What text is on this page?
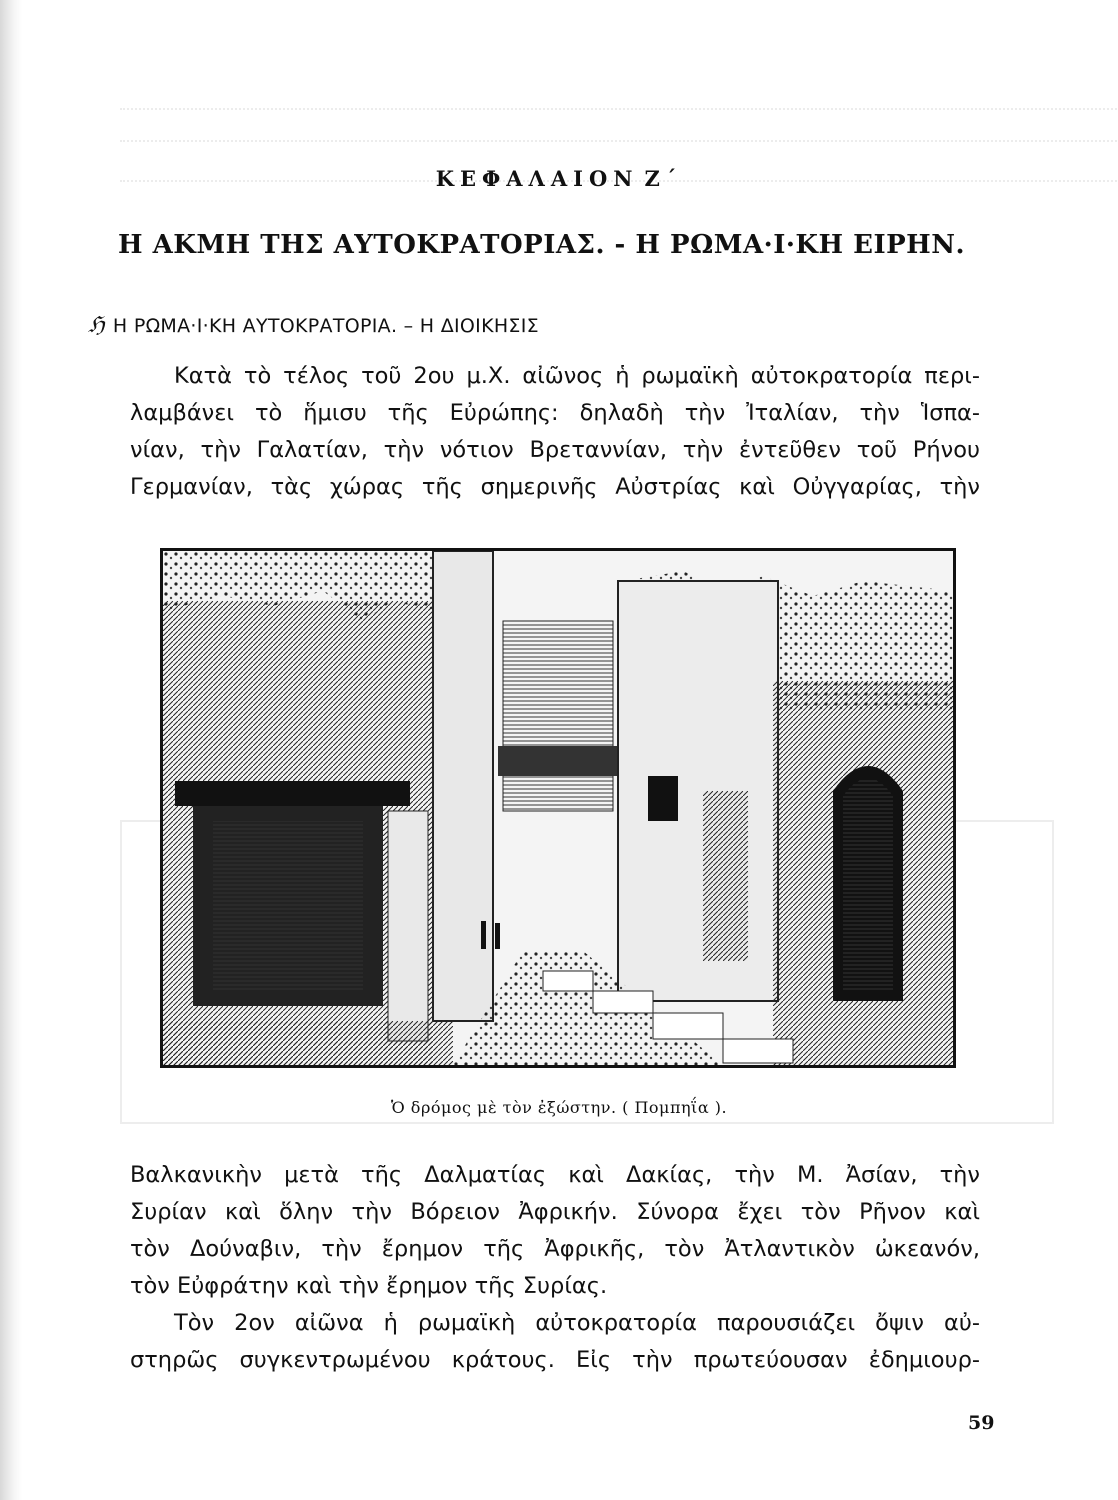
ΚΕΦΑΛΑΙΟΝ Ζ΄
Η ΑΚΜΗ ΤΗΣ ΑΥΤΟΚΡΑΤΟΡΙΑΣ. - Η ΡΩΜΑ·Ι·ΚΗ ΕΙΡΗΝ.
ℌ Η ΡΩΜΑ·Ι·ΚΗ ΑΥΤΟΚΡΑΤΟΡΙΑ. – Η ΔΙΟΙΚΗΣΙΣ
Κατὰ τὸ τέλος τοῦ 2ου μ.Χ. αἰῶνος ἡ ρωμαϊκὴ αὐτοκρατορία περι-
λαμβάνει τὸ ἥμισυ τῆς Εὐρώπης: δηλαδὴ τὴν Ἰταλίαν, τὴν Ἱσπα-
νίαν, τὴν Γαλατίαν, τὴν νότιον Βρεταννίαν, τὴν ἐντεῦθεν τοῦ Ρήνου
Γερμανίαν, τὰς χώρας τῆς σημερινῆς Αὐστρίας καὶ Οὐγγαρίας, τὴν
Ὁ δρόμος μὲ τὸν ἐξώστην. ( Πομπηΐα ).
Βαλκανικὴν μετὰ τῆς Δαλματίας καὶ Δακίας, τὴν Μ. Ἀσίαν, τὴν
Συρίαν καὶ ὅλην τὴν Βόρειον Ἀφρικήν. Σύνορα ἔχει τὸν Ρῆνον καὶ
τὸν Δούναβιν, τὴν ἔρημον τῆς Ἀφρικῆς, τὸν Ἀτλαντικὸν ὠκεανόν,
τὸν Εὐφράτην καὶ τὴν ἔρημον τῆς Συρίας.
Τὸν 2ον αἰῶνα ἡ ρωμαϊκὴ αὐτοκρατορία παρουσιάζει ὄψιν αὐ-
στηρῶς συγκεντρωμένου κράτους. Εἰς τὴν πρωτεύουσαν ἐδημιουρ-
59
